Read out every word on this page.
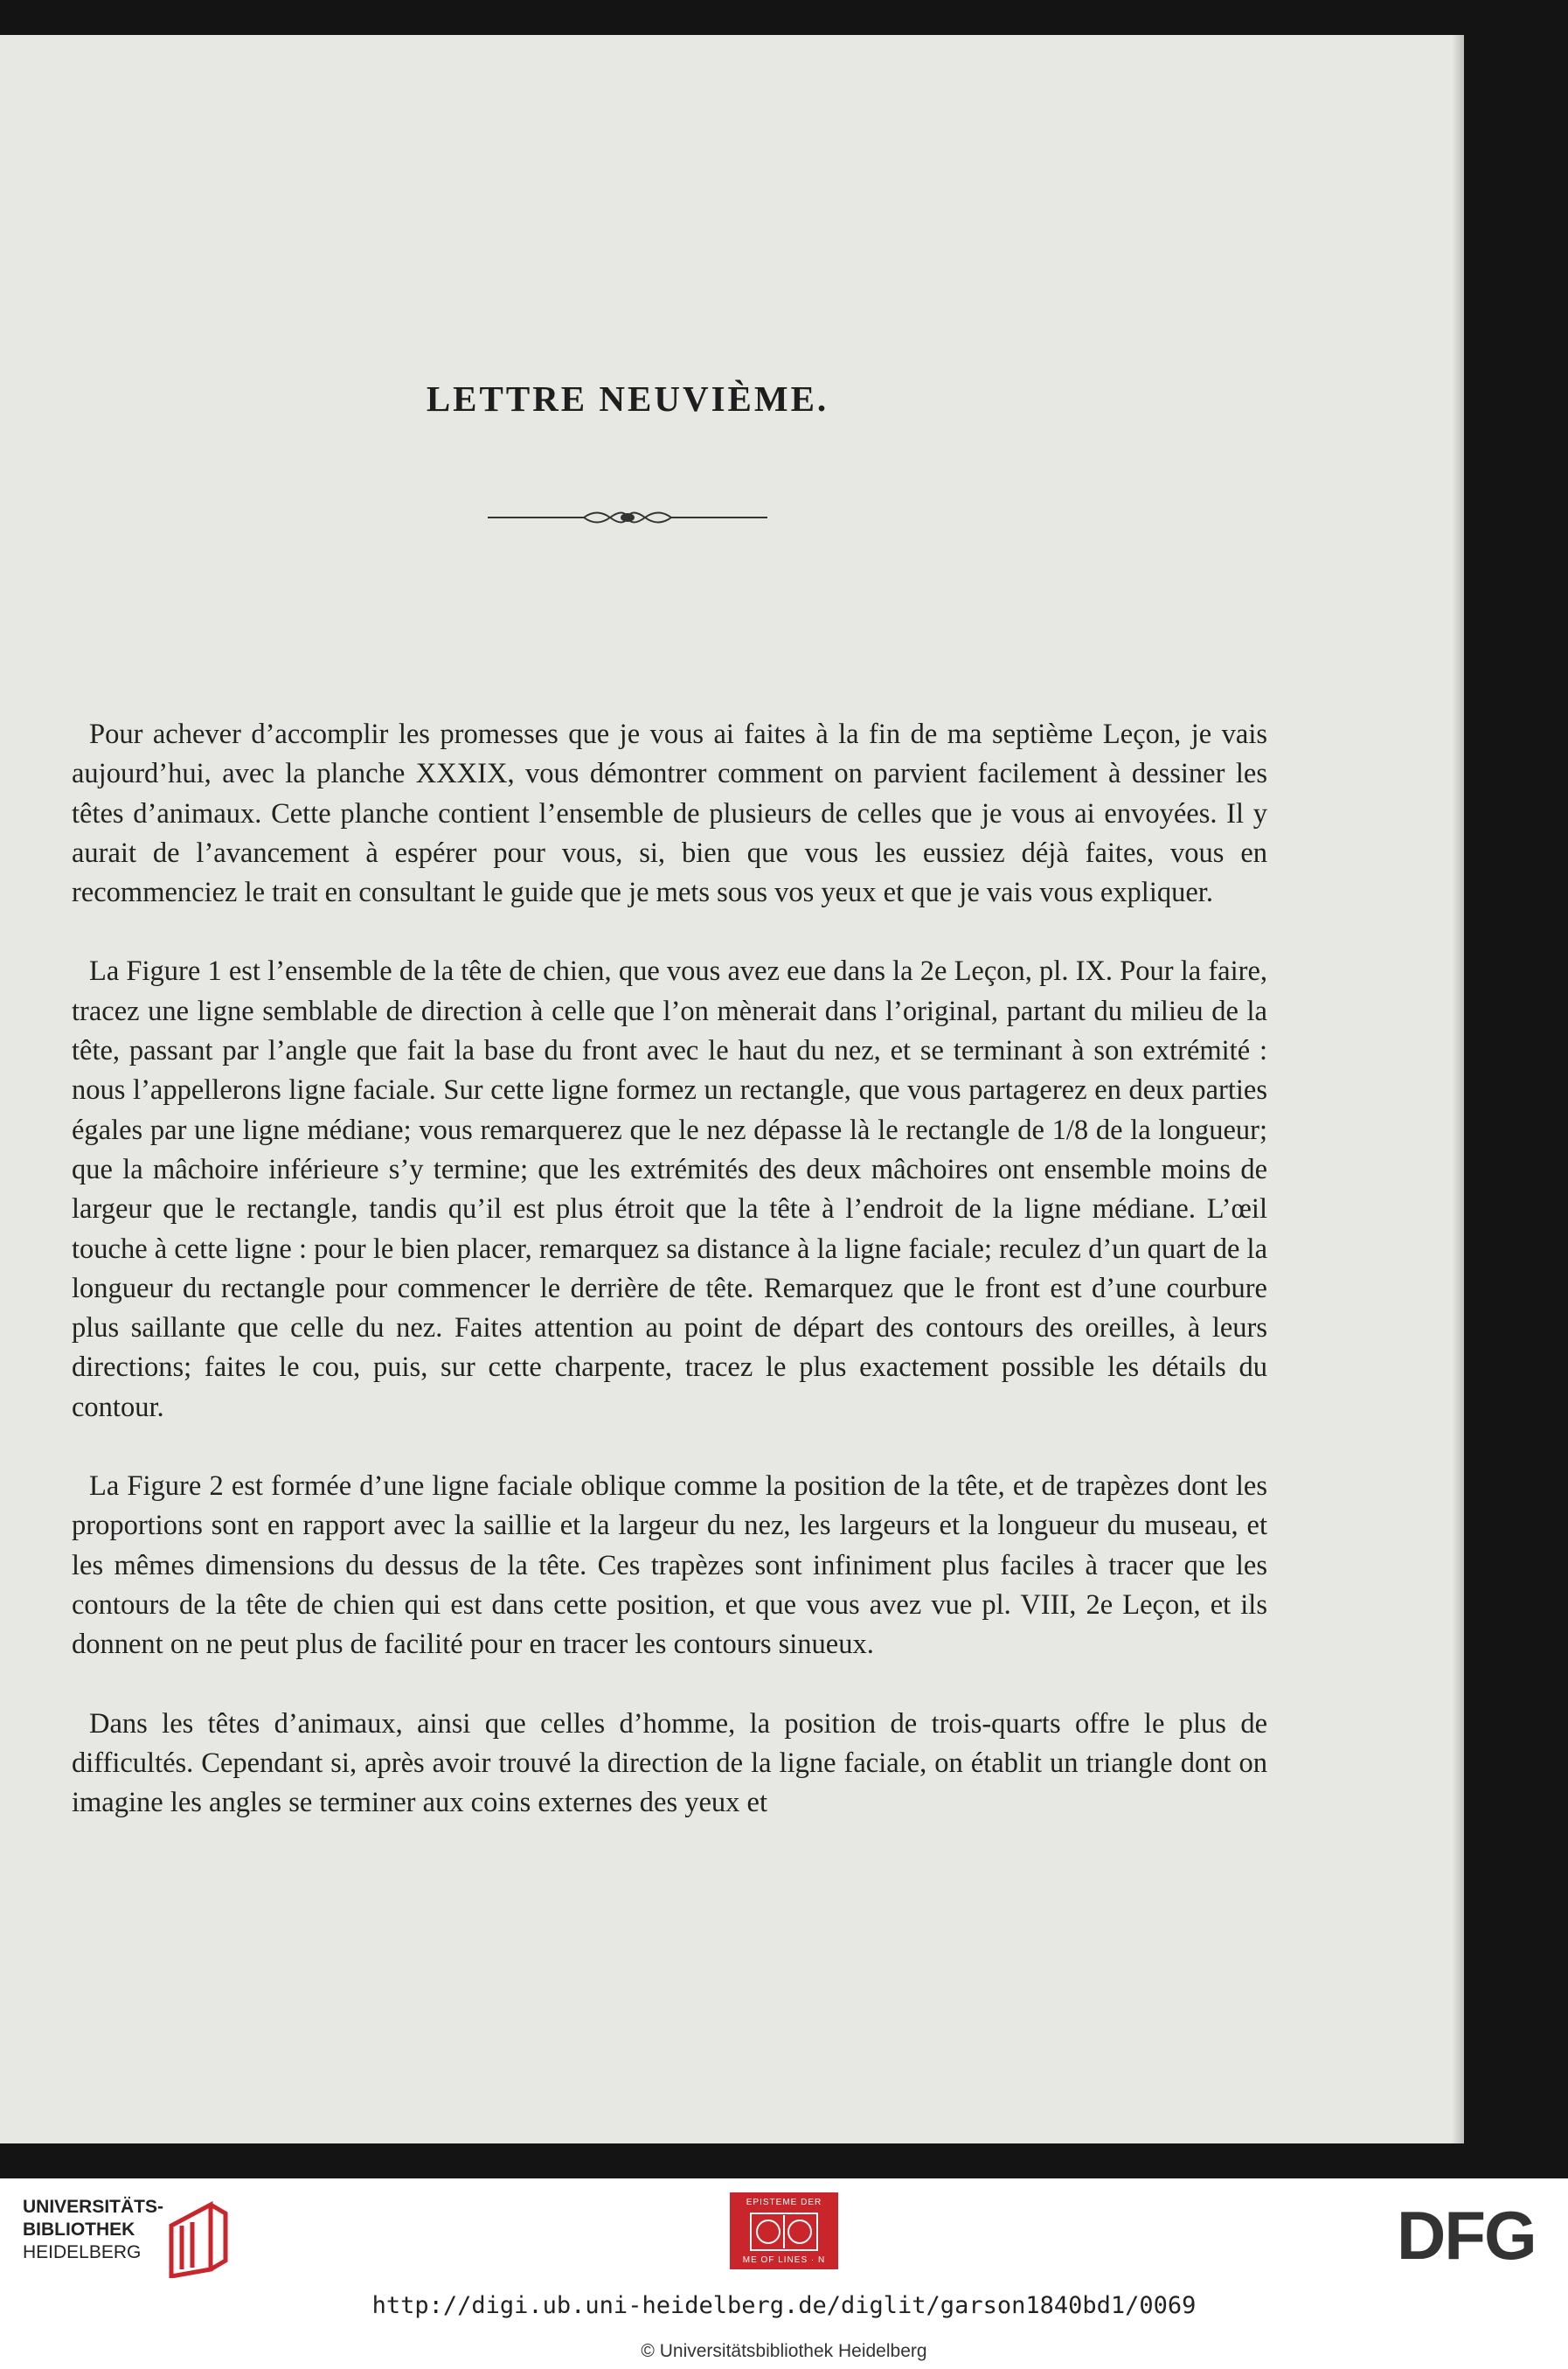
LETTRE NEUVIÈME.

Pour achever d’accomplir les promesses que je vous ai faites à la fin de ma septième Leçon, je vais aujourd’hui, avec la planche XXXIX, vous démontrer comment on parvient facilement à dessiner les têtes d’animaux. Cette planche contient l’ensemble de plusieurs de celles que je vous ai envoyées. Il y aurait de l’avancement à espérer pour vous, si, bien que vous les eussiez déjà faites, vous en recommenciez le trait en consultant le guide que je mets sous vos yeux et que je vais vous expliquer.

La Figure 1 est l’ensemble de la tête de chien, que vous avez eue dans la 2e Leçon, pl. IX. Pour la faire, tracez une ligne semblable de direction à celle que l’on mènerait dans l’original, partant du milieu de la tête, passant par l’angle que fait la base du front avec le haut du nez, et se terminant à son extrémité : nous l’appellerons ligne faciale. Sur cette ligne formez un rectangle, que vous partagerez en deux parties égales par une ligne médiane; vous remarquerez que le nez dépasse là le rectangle de 1/8 de la longueur; que la mâchoire inférieure s’y termine; que les extrémités des deux mâchoires ont ensemble moins de largeur que le rectangle, tandis qu’il est plus étroit que la tête à l’endroit de la ligne médiane. L’œil touche à cette ligne : pour le bien placer, remarquez sa distance à la ligne faciale; reculez d’un quart de la longueur du rectangle pour commencer le derrière de tête. Remarquez que le front est d’une courbure plus saillante que celle du nez. Faites attention au point de départ des contours des oreilles, à leurs directions; faites le cou, puis, sur cette charpente, tracez le plus exactement possible les détails du contour.

La Figure 2 est formée d’une ligne faciale oblique comme la position de la tête, et de trapèzes dont les proportions sont en rapport avec la saillie et la largeur du nez, les largeurs et la longueur du museau, et les mêmes dimensions du dessus de la tête. Ces trapèzes sont infiniment plus faciles à tracer que les contours de la tête de chien qui est dans cette position, et que vous avez vue pl. VIII, 2e Leçon, et ils donnent on ne peut plus de facilité pour en tracer les contours sinueux.

Dans les têtes d’animaux, ainsi que celles d’homme, la position de trois-quarts offre le plus de difficultés. Cependant si, après avoir trouvé la direction de la ligne faciale, on établit un triangle dont on imagine les angles se terminer aux coins externes des yeux et

UNIVERSITÄTS-
BIBLIOTHEK
HEIDELBERG
EPISTEME DER
ME OF LINES · N	DFG
http://digi.ub.uni-heidelberg.de/diglit/garson1840bd1/0069
© Universitätsbibliothek Heidelberg
